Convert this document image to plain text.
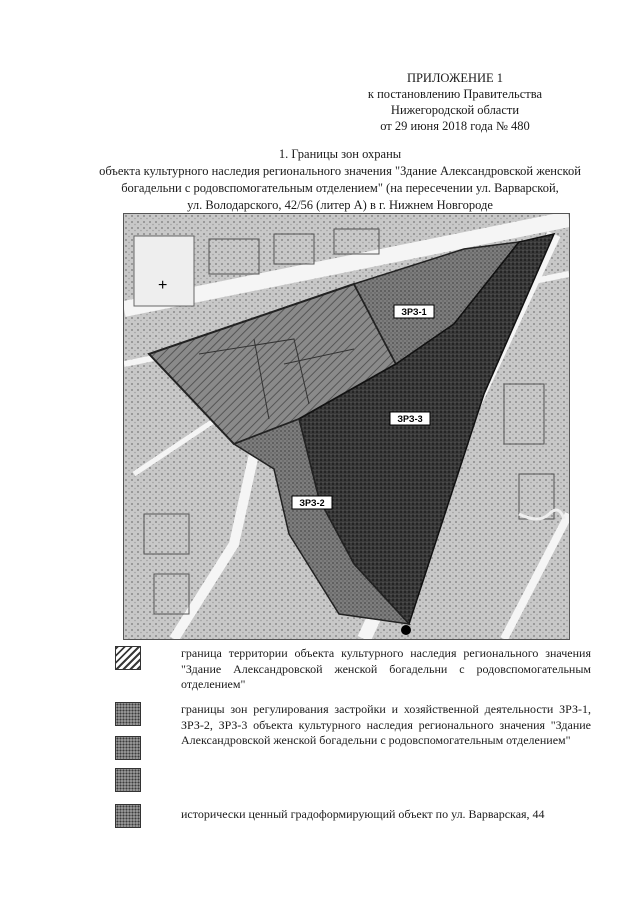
ПРИЛОЖЕНИЕ 1
к постановлению Правительства
Нижегородской области
от 29 июня 2018 года № 480
1. Границы зон охраны
объекта культурного наследия регионального значения "Здание Александровской женской
богадельни с родовспомогательным отделением" (на пересечении ул. Варварской,
ул. Володарского, 42/56 (литер А) в г. Нижнем Новгороде
ЗРЗ-1
ЗРЗ-3
ЗРЗ-2
+
граница территории объекта культурного наследия регионального значения "Здание Александровской женской богадельни с родовспомогательным отделением"
границы зон регулирования застройки и хозяйственной деятельности ЗРЗ-1, ЗРЗ-2, ЗРЗ-3 объекта культурного наследия регионального значения "Здание Александровской женской богадельни с родовспомогательным отделением"
исторически ценный градоформирующий объект по ул. Варварская, 44
